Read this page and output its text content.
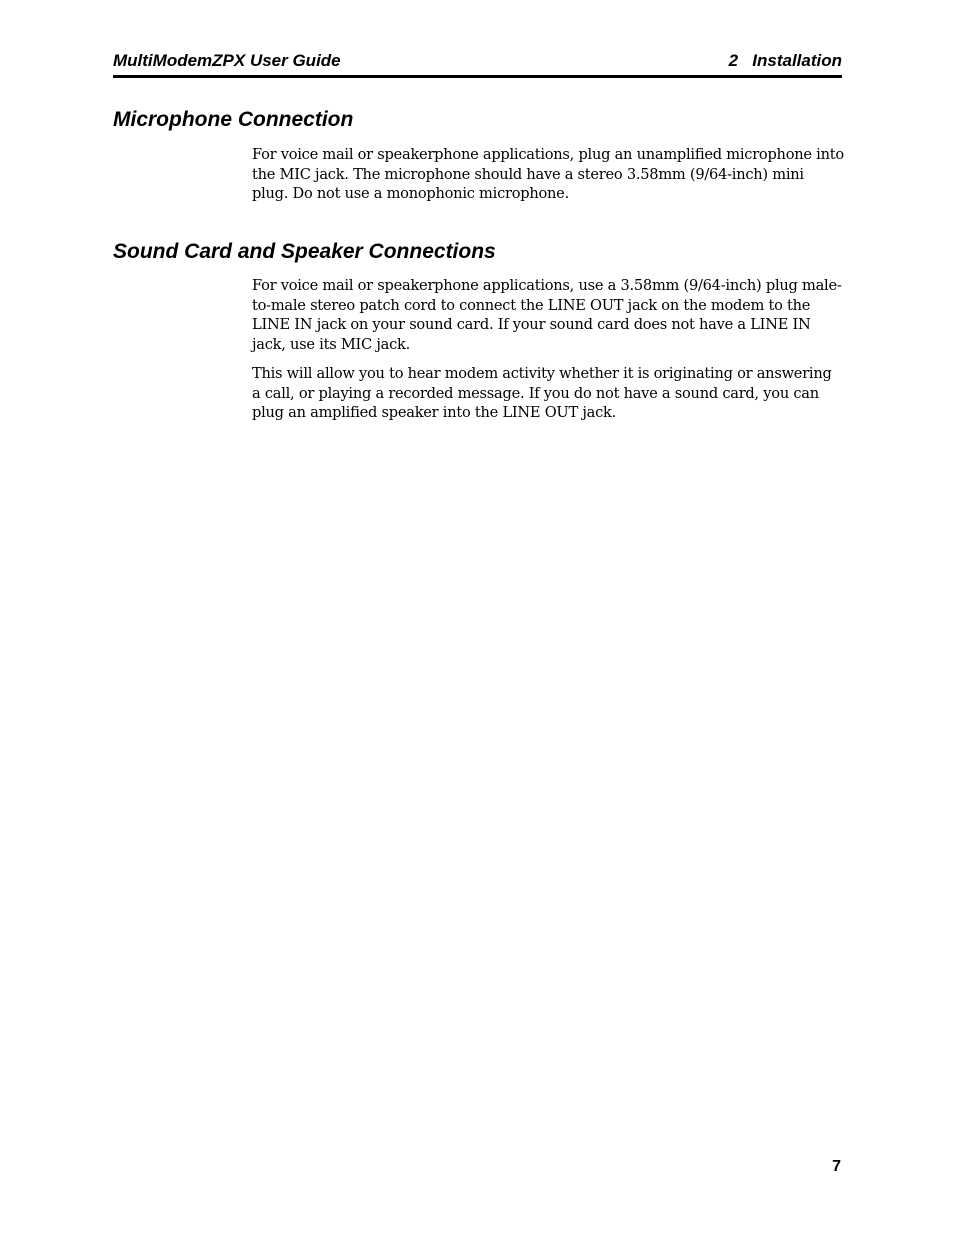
MultiModemZPX User Guide	2   Installation
Microphone Connection

For voice mail or speakerphone applications, plug an unamplified microphone into the MIC jack. The microphone should have a stereo 3.58mm (9/64-inch) mini plug. Do not use a monophonic microphone.

Sound Card and Speaker Connections

For voice mail or speakerphone applications, use a 3.58mm (9/64-inch) plug male-to-male stereo patch cord to connect the LINE OUT jack on the modem to the LINE IN jack on your sound card. If your sound card does not have a LINE IN jack, use its MIC jack.

This will allow you to hear modem activity whether it is originating or answering a call, or playing a recorded message. If you do not have a sound card, you can plug an amplified speaker into the LINE OUT jack.

7
